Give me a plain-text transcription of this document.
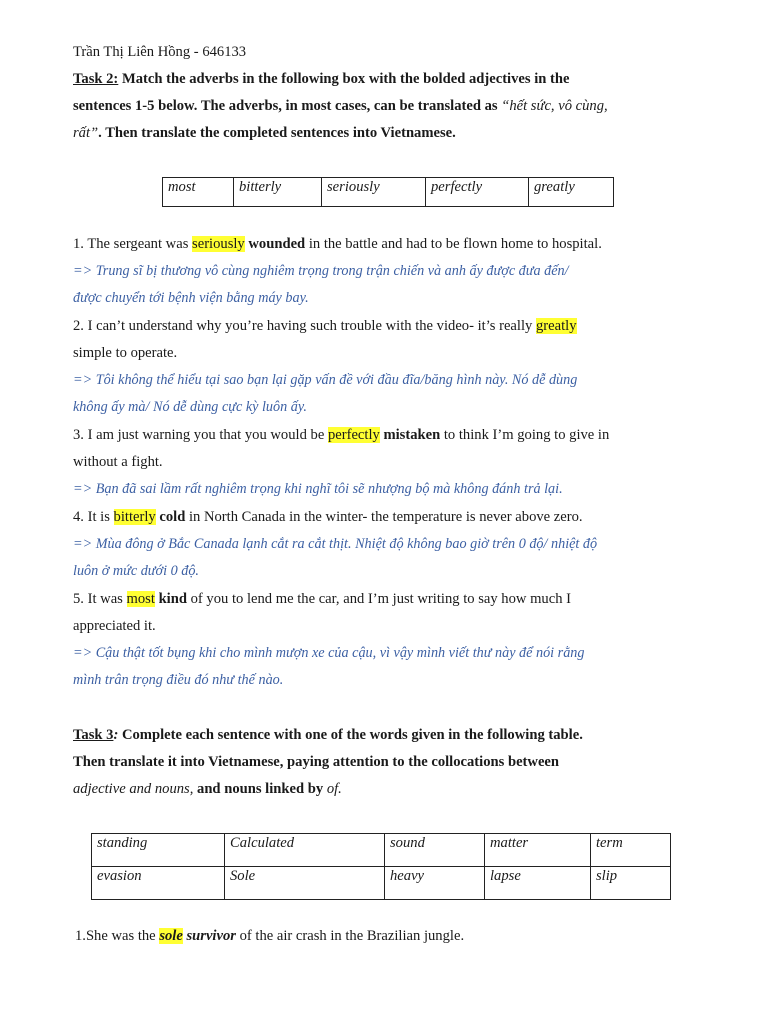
Trần Thị Liên Hồng - 646133
Task 2: Match the adverbs in the following box with the bolded adjectives in the
sentences 1-5 below. The adverbs, in most cases, can be translated as “hết sức, vô cùng,
rất”. Then translate the completed sentences into Vietnamese.
most	bitterly	seriously	perfectly	greatly
1. The sergeant was seriously wounded in the battle and had to be flown home to hospital.
=> Trung sĩ bị thương vô cùng nghiêm trọng trong trận chiến và anh ấy được đưa đến/
được chuyển tới bệnh viện bằng máy bay.
2. I can’t understand why you’re having such trouble with the video- it’s really greatly
simple to operate.
=> Tôi không thể hiểu tại sao bạn lại gặp vấn đề với đầu đĩa/băng hình này. Nó dễ dùng
không ấy mà/ Nó dễ dùng cực kỳ luôn ấy.
3. I am just warning you that you would be perfectly mistaken to think I’m going to give in
without a fight.
=> Bạn đã sai lầm rất nghiêm trọng khi nghĩ tôi sẽ nhượng bộ mà không đánh trả lại.
4. It is bitterly cold in North Canada in the winter- the temperature is never above zero.
=> Mùa đông ở Bắc Canada lạnh cắt ra cắt thịt. Nhiệt độ không bao giờ trên 0 độ/ nhiệt độ
luôn ở mức dưới 0 độ.
5. It was most kind of you to lend me the car, and I’m just writing to say how much I
appreciated it.
=> Cậu thật tốt bụng khi cho mình mượn xe của cậu, vì vậy mình viết thư này để nói rằng
mình trân trọng điều đó như thế nào.
Task 3: Complete each sentence with one of the words given in the following table.
Then translate it into Vietnamese, paying attention to the collocations between
adjective and nouns, and nouns linked by of.
standing	Calculated	sound	matter	term
evasion	Sole	heavy	lapse	slip
1.She was the sole survivor of the air crash in the Brazilian jungle.
